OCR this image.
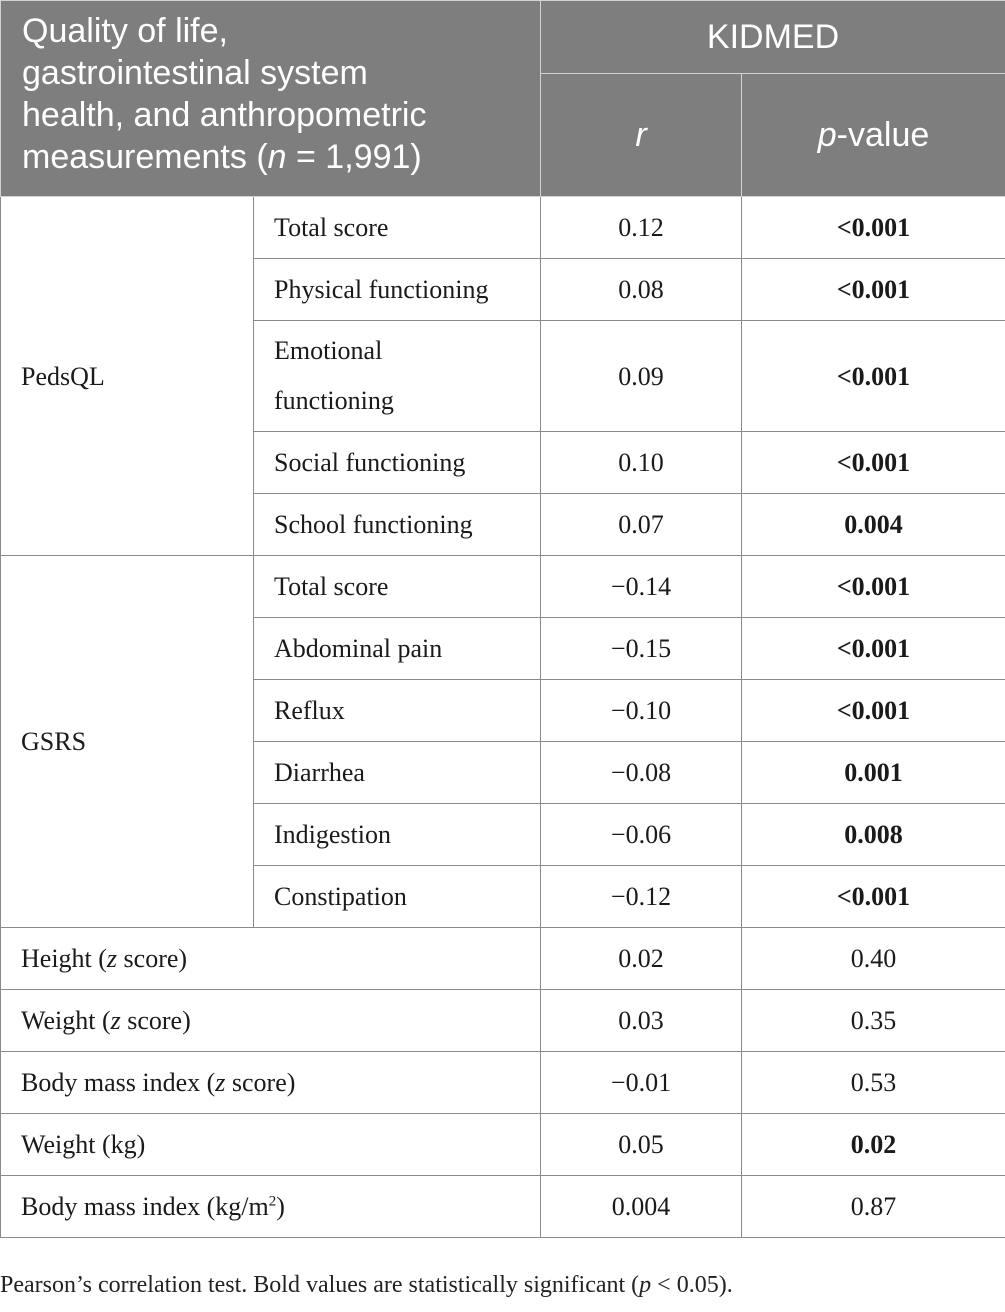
Quality of life,
gastrointestinal system
health, and anthropometric
measurements (n = 1,991)		KIDMED	
		r	p-value
PedsQL	Total score	0.12	<0.001
	Physical functioning	0.08	<0.001
	Emotional
functioning	0.09	<0.001
	Social functioning	0.10	<0.001
	School functioning	0.07	0.004
GSRS	Total score	−0.14	<0.001
	Abdominal pain	−0.15	<0.001
	Reflux	−0.10	<0.001
	Diarrhea	−0.08	0.001
	Indigestion	−0.06	0.008
	Constipation	−0.12	<0.001
Height (z score)		0.02	0.40
Weight (z score)		0.03	0.35
Body mass index (z score)		−0.01	0.53
Weight (kg)		0.05	0.02
Body mass index $(kg/m^2)$		0.004	0.87
Pearson’s correlation test. Bold values are statistically significant (p < 0.05).
